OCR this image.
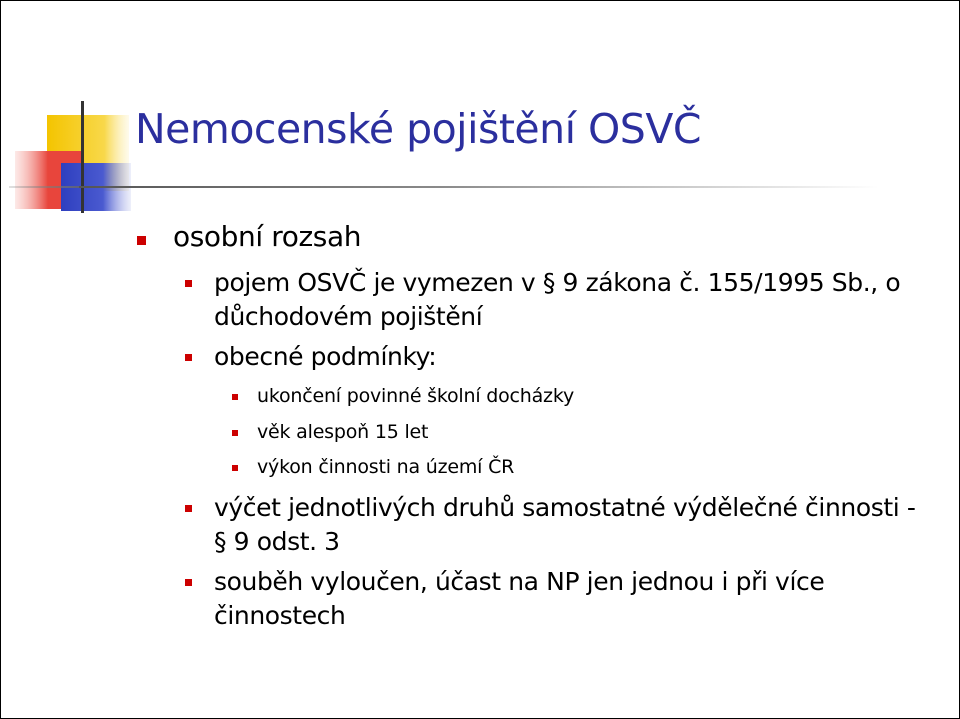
Nemocenské pojištění OSVČ
osobní rozsah
pojem OSVČ je vymezen v § 9 zákona č. 155/1995 Sb., o důchodovém pojištění
obecné podmínky:
ukončení povinné školní docházky
věk alespoň 15 let
výkon činnosti na území ČR
výčet jednotlivých druhů samostatné výdělečné činnosti - § 9 odst. 3
souběh vyloučen, účast na NP jen jednou i při více činnostech
